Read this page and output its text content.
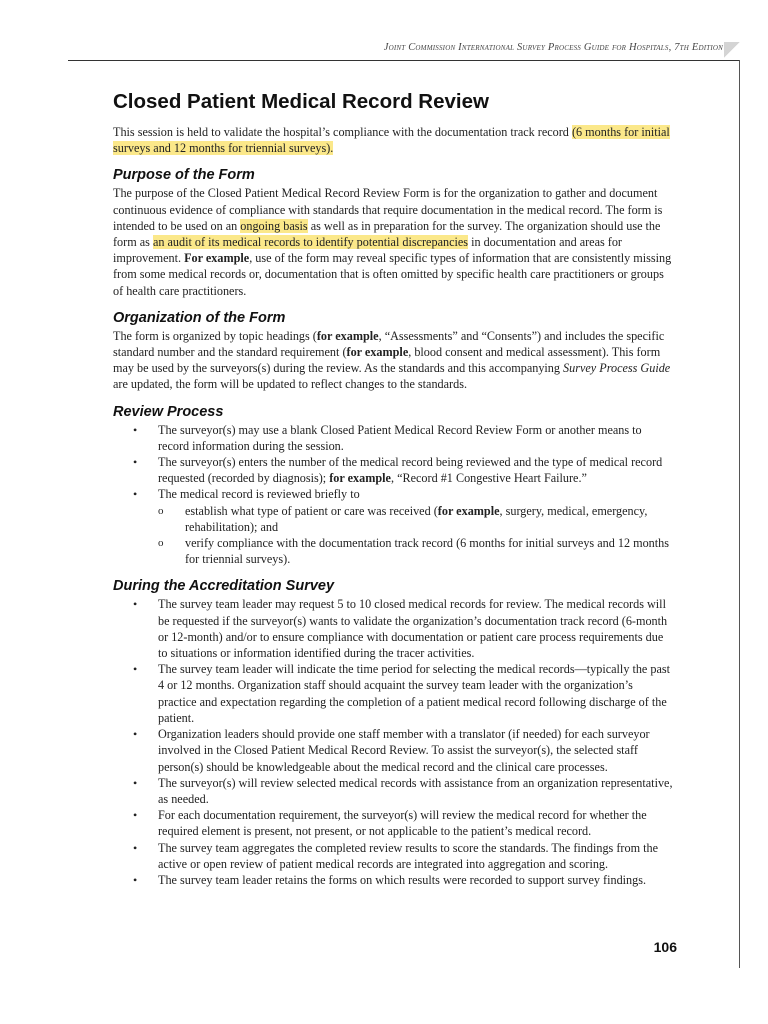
Joint Commission International Survey Process Guide for Hospitals, 7th Edition
Closed Patient Medical Record Review

This session is held to validate the hospital’s compliance with the documentation track record (6 months for initial surveys and 12 months for triennial surveys).

Purpose of the Form

The purpose of the Closed Patient Medical Record Review Form is for the organization to gather and document continuous evidence of compliance with standards that require documentation in the medical record. The form is intended to be used on an ongoing basis as well as in preparation for the survey. The organization should use the form as an audit of its medical records to identify potential discrepancies in documentation and areas for improvement. For example, use of the form may reveal specific types of information that are consistently missing from some medical records or, documentation that is often omitted by specific health care practitioners or groups of health care practitioners.

Organization of the Form

The form is organized by topic headings (for example, “Assessments” and “Consents”) and includes the specific standard number and the standard requirement (for example, blood consent and medical assessment). This form may be used by the surveyors(s) during the review. As the standards and this accompanying Survey Process Guide are updated, the form will be updated to reflect changes to the standards.

Review Process
• The surveyor(s) may use a blank Closed Patient Medical Record Review Form or another means to record information during the session.
• The surveyor(s) enters the number of the medical record being reviewed and the type of medical record requested (recorded by diagnosis); for example, “Record #1 Congestive Heart Failure.”
• The medical record is reviewed briefly to
o establish what type of patient or care was received (for example, surgery, medical, emergency, rehabilitation); and
o verify compliance with the documentation track record (6 months for initial surveys and 12 months for triennial surveys).
During the Accreditation Survey
• The survey team leader may request 5 to 10 closed medical records for review. The medical records will be requested if the surveyor(s) wants to validate the organization’s documentation track record (6-month or 12-month) and/or to ensure compliance with documentation or patient care process requirements due to situations or information identified during the tracer activities.
• The survey team leader will indicate the time period for selecting the medical records—typically the past 4 or 12 months. Organization staff should acquaint the survey team leader with the organization’s practice and expectation regarding the completion of a patient medical record following discharge of the patient.
• Organization leaders should provide one staff member with a translator (if needed) for each surveyor involved in the Closed Patient Medical Record Review. To assist the surveyor(s), the selected staff person(s) should be knowledgeable about the medical record and the clinical care processes.
• The surveyor(s) will review selected medical records with assistance from an organization representative, as needed.
• For each documentation requirement, the surveyor(s) will review the medical record for whether the required element is present, not present, or not applicable to the patient’s medical record.
• The survey team aggregates the completed review results to score the standards. The findings from the active or open review of patient medical records are integrated into aggregation and scoring.
• The survey team leader retains the forms on which results were recorded to support survey findings.
106
